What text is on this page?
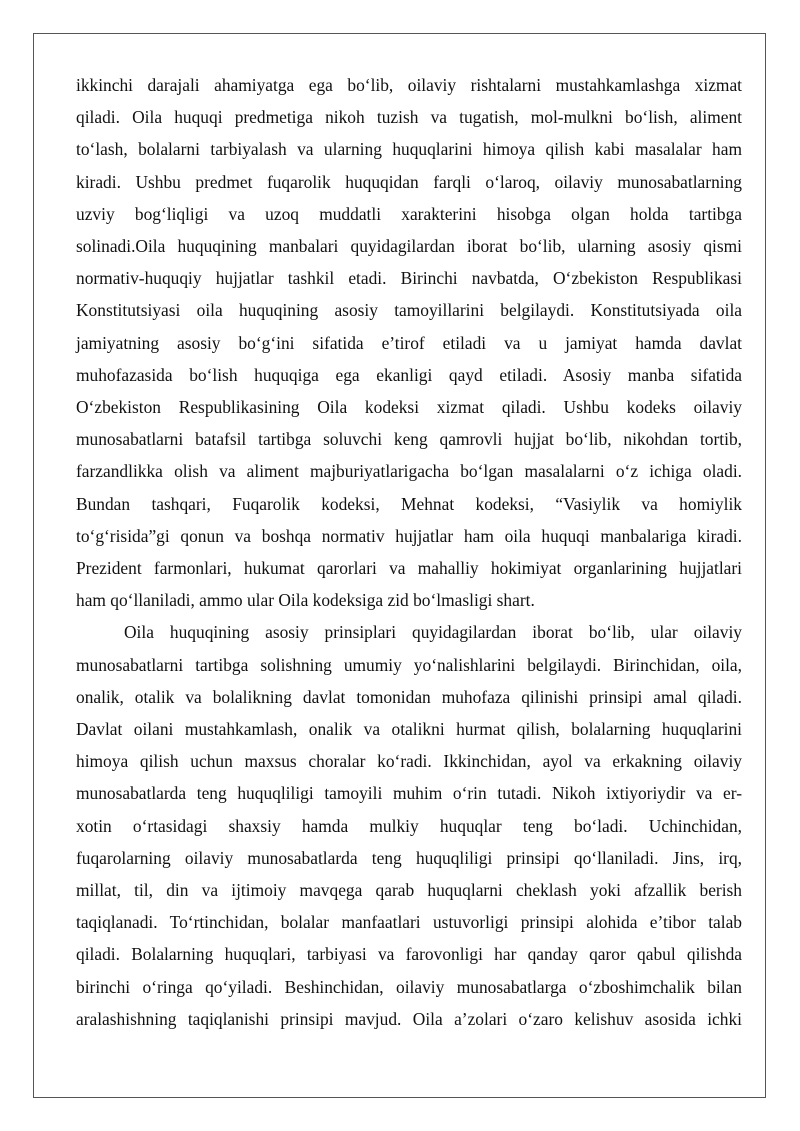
ikkinchi darajali ahamiyatga ega boʻlib, oilaviy rishtalarni mustahkamlashga xizmat
qiladi. Oila huquqi predmetiga nikoh tuzish va tugatish, mol-mulkni boʻlish, aliment
toʻlash, bolalarni tarbiyalash va ularning huquqlarini himoya qilish kabi masalalar ham
kiradi. Ushbu predmet fuqarolik huquqidan farqli oʻlaroq, oilaviy munosabatlarning
uzviy bogʻliqligi va uzoq muddatli xarakterini hisobga olgan holda tartibga
solinadi.Oila huquqining manbalari quyidagilardan iborat boʻlib, ularning asosiy qismi
normativ-huquqiy hujjatlar tashkil etadi. Birinchi navbatda, Oʻzbekiston Respublikasi
Konstitutsiyasi oila huquqining asosiy tamoyillarini belgilaydi. Konstitutsiyada oila
jamiyatning asosiy boʻgʻini sifatida e’tirof etiladi va u jamiyat hamda davlat
muhofazasida boʻlish huquqiga ega ekanligi qayd etiladi. Asosiy manba sifatida
Oʻzbekiston Respublikasining Oila kodeksi xizmat qiladi. Ushbu kodeks oilaviy
munosabatlarni batafsil tartibga soluvchi keng qamrovli hujjat boʻlib, nikohdan tortib,
farzandlikka olish va aliment majburiyatlarigacha boʻlgan masalalarni oʻz ichiga oladi.
Bundan tashqari, Fuqarolik kodeksi, Mehnat kodeksi, “Vasiylik va homiylik
toʻgʻrisida”gi qonun va boshqa normativ hujjatlar ham oila huquqi manbalariga kiradi.
Prezident farmonlari, hukumat qarorlari va mahalliy hokimiyat organlarining hujjatlari
ham qoʻllaniladi, ammo ular Oila kodeksiga zid boʻlmasligi shart.
Oila huquqining asosiy prinsiplari quyidagilardan iborat boʻlib, ular oilaviy
munosabatlarni tartibga solishning umumiy yoʻnalishlarini belgilaydi. Birinchidan, oila,
onalik, otalik va bolalikning davlat tomonidan muhofaza qilinishi prinsipi amal qiladi.
Davlat oilani mustahkamlash, onalik va otalikni hurmat qilish, bolalarning huquqlarini
himoya qilish uchun maxsus choralar koʻradi. Ikkinchidan, ayol va erkakning oilaviy
munosabatlarda teng huquqliligi tamoyili muhim oʻrin tutadi. Nikoh ixtiyoriydir va er-
xotin oʻrtasidagi shaxsiy hamda mulkiy huquqlar teng boʻladi. Uchinchidan,
fuqarolarning oilaviy munosabatlarda teng huquqliligi prinsipi qoʻllaniladi. Jins, irq,
millat, til, din va ijtimoiy mavqega qarab huquqlarni cheklash yoki afzallik berish
taqiqlanadi. Toʻrtinchidan, bolalar manfaatlari ustuvorligi prinsipi alohida e’tibor talab
qiladi. Bolalarning huquqlari, tarbiyasi va farovonligi har qanday qaror qabul qilishda
birinchi oʻringa qoʻyiladi. Beshinchidan, oilaviy munosabatlarga oʻzboshimchalik bilan
aralashishning taqiqlanishi prinsipi mavjud. Oila a’zolari oʻzaro kelishuv asosida ichki
